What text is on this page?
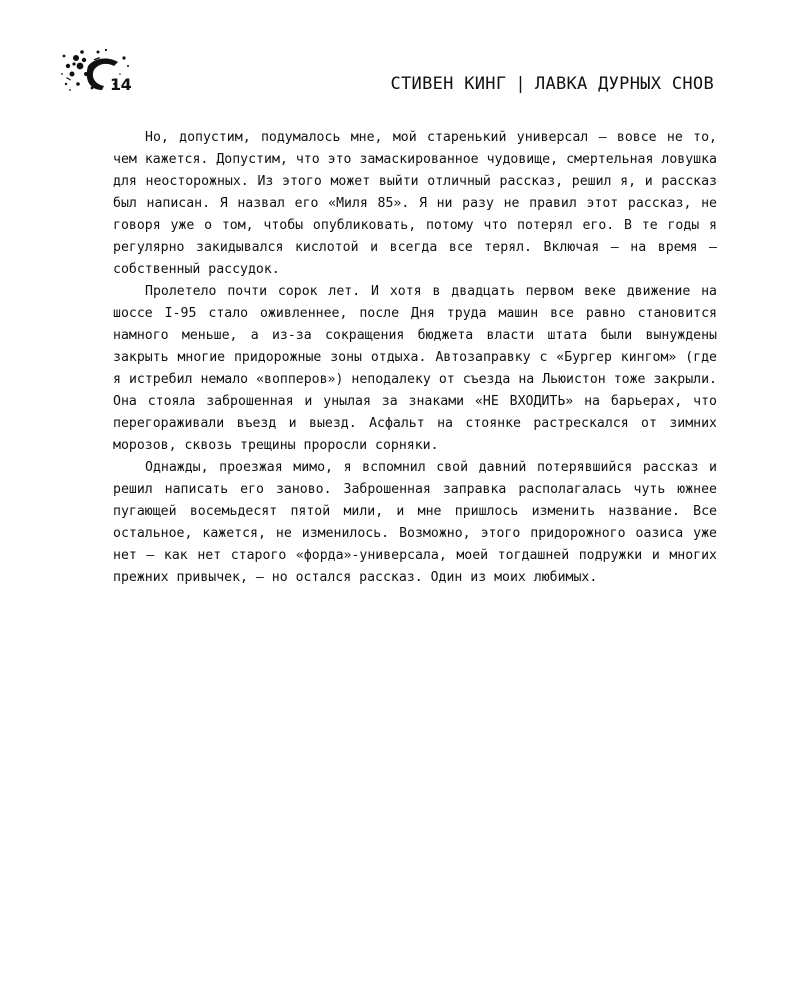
14	СТИВЕН КИНГ | ЛАВКА ДУРНЫХ СНОВ

Но, допустим, подумалось мне, мой старенький универсал — вовсе не то, чем кажется. Допустим, что это замаскированное чудовище, смертельная ловушка для неосторожных. Из этого может выйти отличный рассказ, решил я, и рассказ был написан. Я назвал его «Миля 85». Я ни разу не правил этот рассказ, не говоря уже о том, чтобы опубликовать, потому что потерял его. В те годы я регулярно закидывался кислотой и всегда все терял. Включая — на время — собственный рассудок.

Пролетело почти сорок лет. И хотя в двадцать первом веке движение на шоссе I-95 стало оживленнее, после Дня труда машин все равно становится намного меньше, а из-за сокращения бюджета власти штата были вынуждены закрыть многие придорожные зоны отдыха. Автозаправку с «Бургер кингом» (где я истребил немало «вопперов») неподалеку от съезда на Льюистон тоже закрыли. Она стояла заброшенная и унылая за знаками «НЕ ВХОДИТЬ» на барьерах, что перегораживали въезд и выезд. Асфальт на стоянке растрескался от зимних морозов, сквозь трещины проросли сорняки.

Однажды, проезжая мимо, я вспомнил свой давний потерявшийся рассказ и решил написать его заново. Заброшенная заправка располагалась чуть южнее пугающей восемьдесят пятой мили, и мне пришлось изменить название. Все остальное, кажется, не изменилось. Возможно, этого придорожного оазиса уже нет — как нет старого «форда»-универсала, моей тогдашней подружки и многих прежних привычек, — но остался рассказ. Один из моих любимых.
